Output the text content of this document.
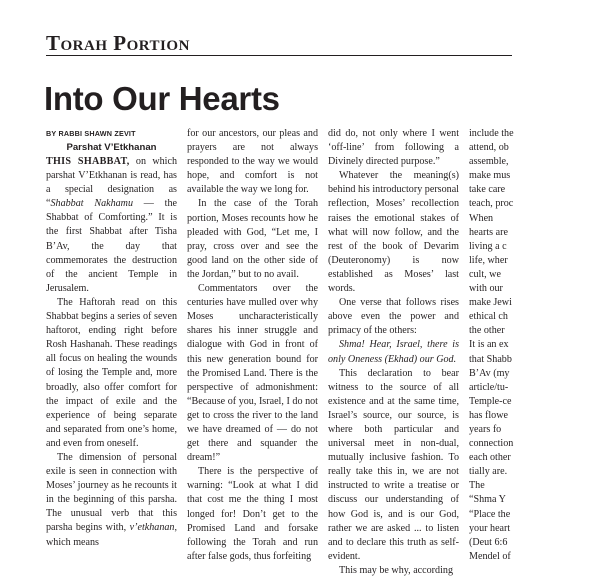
Torah Portion
Into Our Hearts

BY RABBI SHAWN ZEVIT

Parshat V’Etkhanan

THIS SHABBAT, on which parshat V’Etkhanan is read, has a special designation as “Shabbat Nakhamu — the Shabbat of Comforting.” It is the first Shabbat after Tisha B’Av, the day that commemorates the destruction of the ancient Temple in Jerusalem.

The Haftorah read on this Shabbat begins a series of seven haftorot, ending right before Rosh Hashanah. These readings all focus on healing the wounds of losing the Temple and, more broadly, also offer comfort for the impact of exile and the experience of being separate and separated from one’s home, and even from oneself.

The dimension of personal exile is seen in connection with Moses’ journey as he recounts it in the beginning of this parsha. The unusual verb that this parsha begins with, v’etkhanan, which means

for our ancestors, our pleas and prayers are not always responded to the way we would hope, and comfort is not available the way we long for.

In the case of the Torah portion, Moses recounts how he pleaded with God, “Let me, I pray, cross over and see the good land on the other side of the Jordan,” but to no avail.

Commentators over the centuries have mulled over why Moses uncharacteristically shares his inner struggle and dialogue with God in front of this new generation bound for the Promised Land. There is the perspective of admonishment: “Because of you, Israel, I do not get to cross the river to the land we have dreamed of — do not get there and squander the dream!”

There is the perspective of warning: “Look at what I did that cost me the thing I most longed for! Don’t get to the Promised Land and forsake following the Torah and run after false gods, thus forfeiting

did do, not only where I went ‘off-line’ from following a Divinely directed purpose.”

Whatever the meaning(s) behind his introductory personal reflection, Moses’ recollection raises the emotional stakes of what will now follow, and the rest of the book of Devarim (Deuteronomy) is now established as Moses’ last words.

One verse that follows rises above even the power and primacy of the others:

Shma! Hear, Israel, there is only Oneness (Ekhad) our God.

This declaration to bear witness to the source of all existence and at the same time, Israel’s source, our source, is where both particular and universal meet in non-dual, mutually inclusive fashion. To really take this in, we are not instructed to write a treatise or discuss our understanding of how God is, and is our God, rather we are asked ... to listen and to declare this truth as self-evident.

This may be why, according

include the
attend, ob
assemble,
make mus
take care
teach, proc
When
hearts are
living a c
life, wher
cult, we
with our
make Jewi
ethical ch
the other
It is an ex
that Shabb
B’Av (my
article/tu-
Temple-ce
has flowe
years fo
connection
each other
tially are.
The
“Shma Y
“Place the
your heart
(Deut 6:6
Mendel of
